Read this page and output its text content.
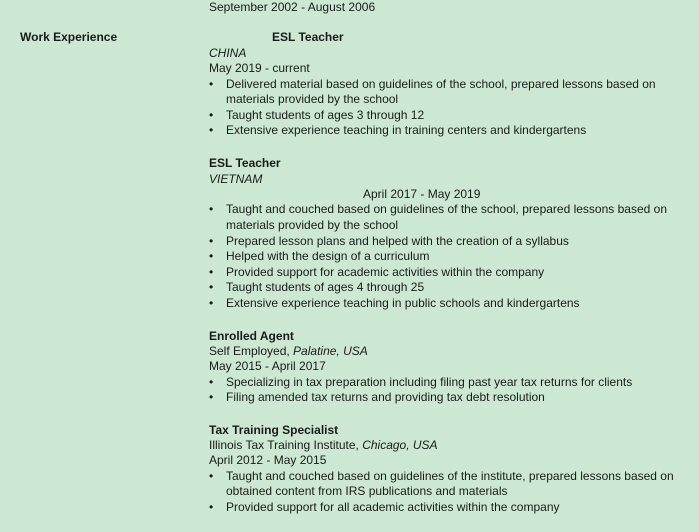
September 2002 - August 2006
Work Experience	ESL Teacher
CHINA
May 2019 - current
• Delivered material based on guidelines of the school, prepared lessons based on materials provided by the school
• Taught students of ages 3 through 12
• Extensive experience teaching in training centers and kindergartens
ESL Teacher
VIETNAM
April 2017 - May 2019
• Taught and couched based on guidelines of the school, prepared lessons based on materials provided by the school
• Prepared lesson plans and helped with the creation of a syllabus
• Helped with the design of a curriculum
• Provided support for academic activities within the company
• Taught students of ages 4 through 25
• Extensive experience teaching in public schools and kindergartens
Enrolled Agent
Self Employed, Palatine, USA
May 2015 - April 2017
• Specializing in tax preparation including filing past year tax returns for clients
• Filing amended tax returns and providing tax debt resolution
Tax Training Specialist
Illinois Tax Training Institute, Chicago, USA
April 2012 - May 2015
• Taught and couched based on guidelines of the institute, prepared lessons based on obtained content from IRS publications and materials
• Provided support for all academic activities within the company
